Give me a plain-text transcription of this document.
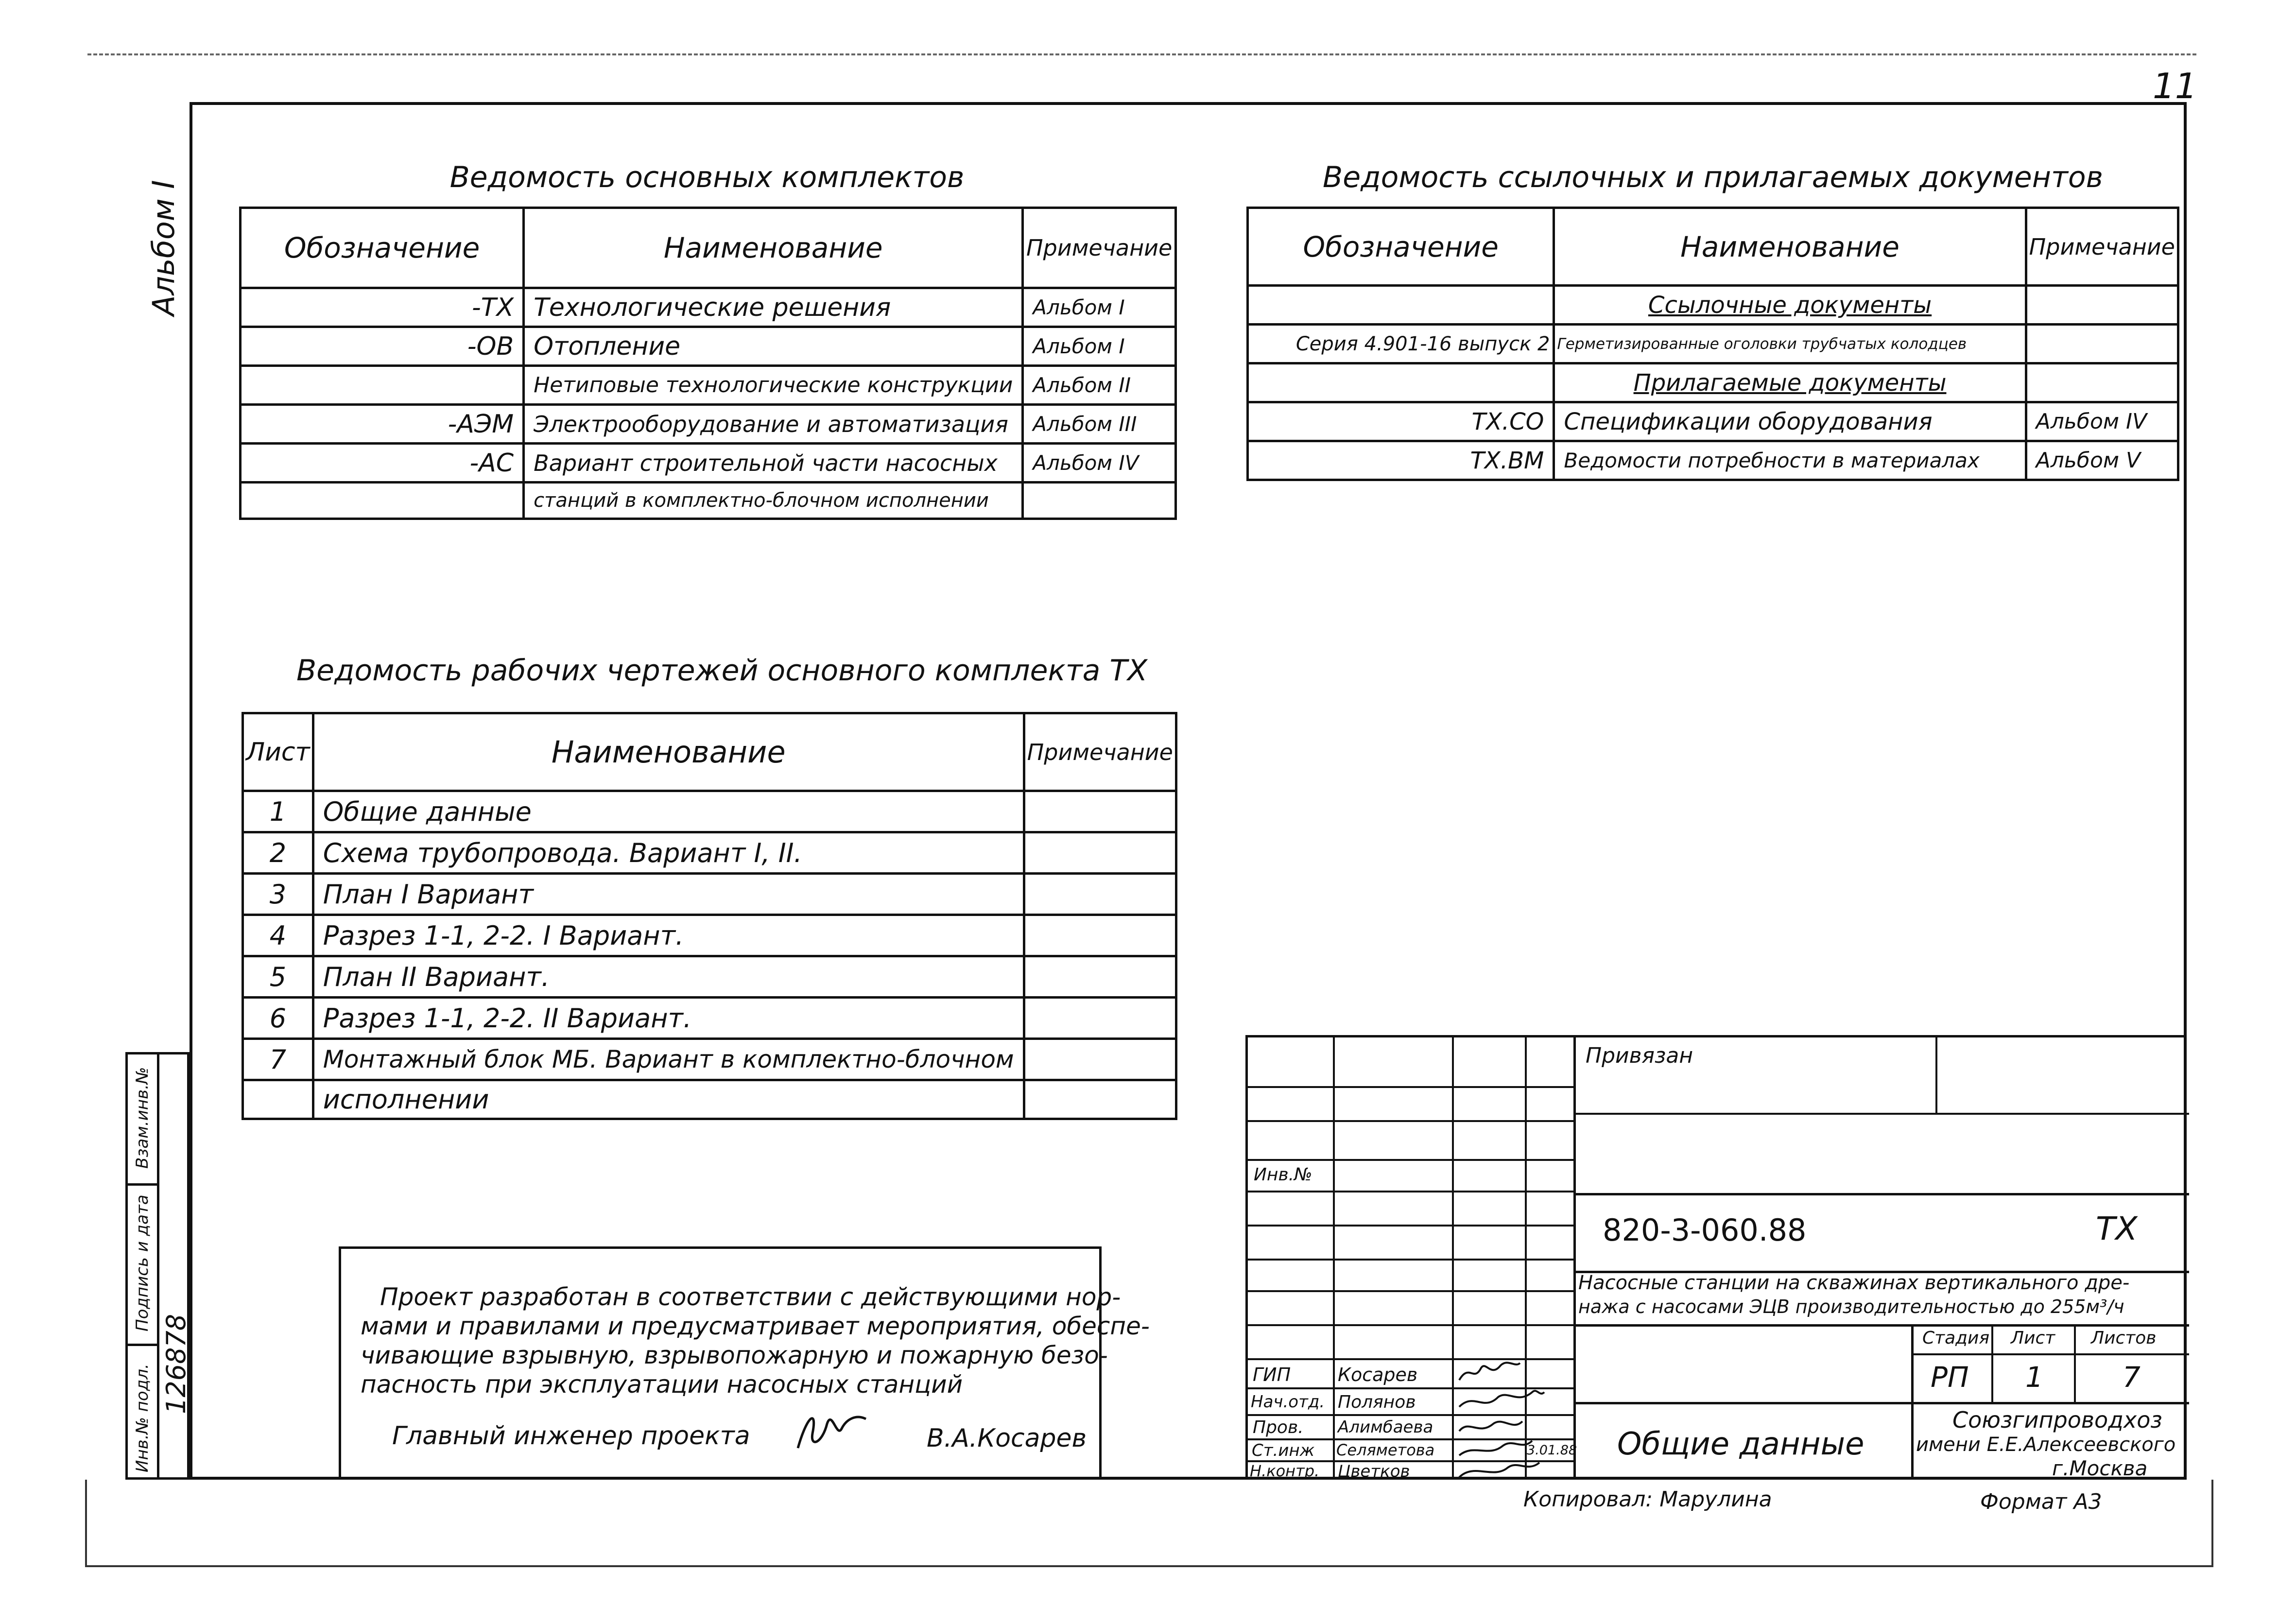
11
Альбом I
Ведомость основных комплектов
Обозначение	Наименование	Примечание
-ТХ	Технологические решения	Альбом I
-ОВ	Отопление	Альбом I
	Нетиповые технологические конструкции	Альбом II
-АЭМ	Электрооборудование и автоматизация	Альбом III
-АС	Вариант строительной части насосных	Альбом IV
	станций в комплектно-блочном исполнении	
Ведомость ссылочных и прилагаемых документов
Обозначение	Наименование	Примечание
	Ссылочные документы	
Серия 4.901-16 выпуск 2	Герметизированные оголовки трубчатых колодцев	
	Прилагаемые документы	
ТХ.СО	Спецификации оборудования	Альбом IV
ТХ.ВМ	Ведомости потребности в материалах	Альбом V
Ведомость рабочих чертежей основного комплекта ТХ
Лист	Наименование	Примечание
1	Общие данные	
2	Схема трубопровода. Вариант I, II.	
3	План I Вариант	
4	Разрез 1-1, 2-2. I Вариант.	
5	План II Вариант.	
6	Разрез 1-1, 2-2. II Вариант.	
7	Монтажный блок МБ. Вариант в комплектно-блочном	
	исполнении	
Проект разработан в соответствии с действующими нор-
мами и правилами и предусматривает мероприятия, обеспе-
чивающие взрывную, взрывопожарную и пожарную безо-
пасность при эксплуатации насосных станций
Главный инженер проекта	В.А.Косарев
Взам.инв.№
Подпись и дата
Инв.№ подл. 126878
Инв.№
ГИП	Косарев
Нач.отд. Полянов
Пров. Алимбаева
Ст.инж Селяметова
Н.контр. Цветков
3.01.88
Привязан
820-3-060.88	ТХ
Насосные станции на скважинах вертикального дре-
нажа с насосами ЭЦВ производительностью до 255м³/ч
Стадия Лист Листов
РП 1	7
Общие данные
Союзгипроводхоз
имени Е.Е.Алексеевского
г.Москва
Копировал: Марулина	Формат А3
